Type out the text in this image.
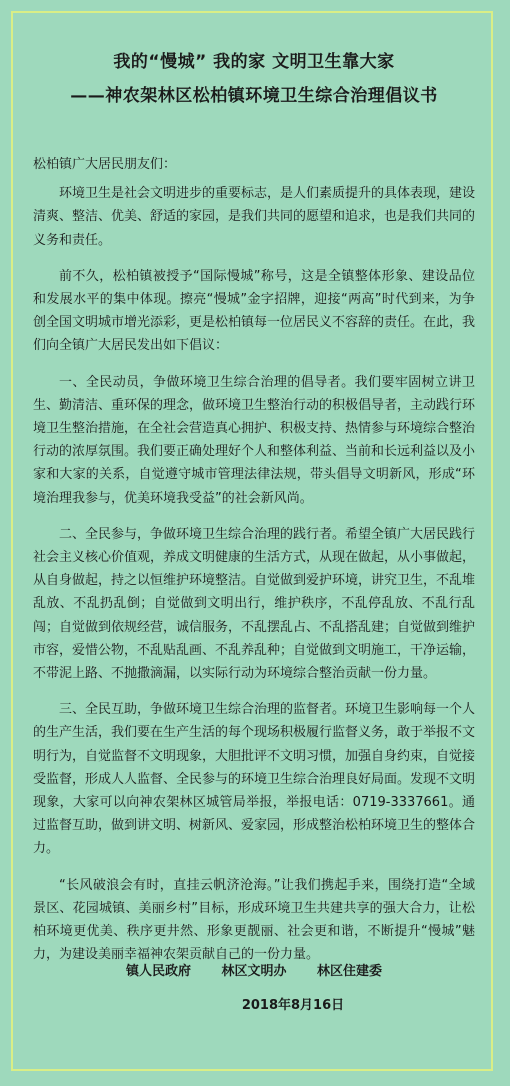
我的“慢城” 我的家 文明卫生靠大家
——神农架林区松柏镇环境卫生综合治理倡议书

松柏镇广大居民朋友们：

环境卫生是社会文明进步的重要标志，是人们素质提升的具体表现，建设清爽、整洁、优美、舒适的家园，是我们共同的愿望和追求，也是我们共同的义务和责任。

前不久，松柏镇被授予“国际慢城”称号，这是全镇整体形象、建设品位和发展水平的集中体现。擦亮“慢城”金字招牌，迎接“两高”时代到来，为争创全国文明城市增光添彩，更是松柏镇每一位居民义不容辞的责任。在此，我们向全镇广大居民发出如下倡议：

一、全民动员，争做环境卫生综合治理的倡导者。我们要牢固树立讲卫生、勤清洁、重环保的理念，做环境卫生整治行动的积极倡导者，主动践行环境卫生整治措施，在全社会营造真心拥护、积极支持、热情参与环境综合整治行动的浓厚氛围。我们要正确处理好个人和整体利益、当前和长远利益以及小家和大家的关系，自觉遵守城市管理法律法规，带头倡导文明新风，形成“环境治理我参与，优美环境我受益”的社会新风尚。

二、全民参与，争做环境卫生综合治理的践行者。希望全镇广大居民践行社会主义核心价值观，养成文明健康的生活方式，从现在做起，从小事做起，从自身做起，持之以恒维护环境整洁。自觉做到爱护环境，讲究卫生，不乱堆乱放、不乱扔乱倒；自觉做到文明出行，维护秩序，不乱停乱放、不乱行乱闯；自觉做到依规经营，诚信服务，不乱摆乱占、不乱搭乱建；自觉做到维护市容，爱惜公物，不乱贴乱画、不乱养乱种；自觉做到文明施工，干净运输，不带泥上路、不抛撒滴漏，以实际行动为环境综合整治贡献一份力量。

三、全民互助，争做环境卫生综合治理的监督者。环境卫生影响每一个人的生产生活，我们要在生产生活的每个现场积极履行监督义务，敢于举报不文明行为，自觉监督不文明现象，大胆批评不文明习惯，加强自身约束，自觉接受监督，形成人人监督、全民参与的环境卫生综合治理良好局面。发现不文明现象，大家可以向神农架林区城管局举报，举报电话：0719-3337661。通过监督互助，做到讲文明、树新风、爱家园，形成整治松柏环境卫生的整体合力。

“长风破浪会有时，直挂云帆济沧海。”让我们携起手来，围绕打造“全域景区、花园城镇、美丽乡村”目标，形成环境卫生共建共享的强大合力，让松柏环境更优美、秩序更井然、形象更靓丽、社会更和谐，不断提升“慢城”魅力，为建设美丽幸福神农架贡献自己的一份力量。

镇人民政府 林区文明办 林区住建委
2018年8月16日
